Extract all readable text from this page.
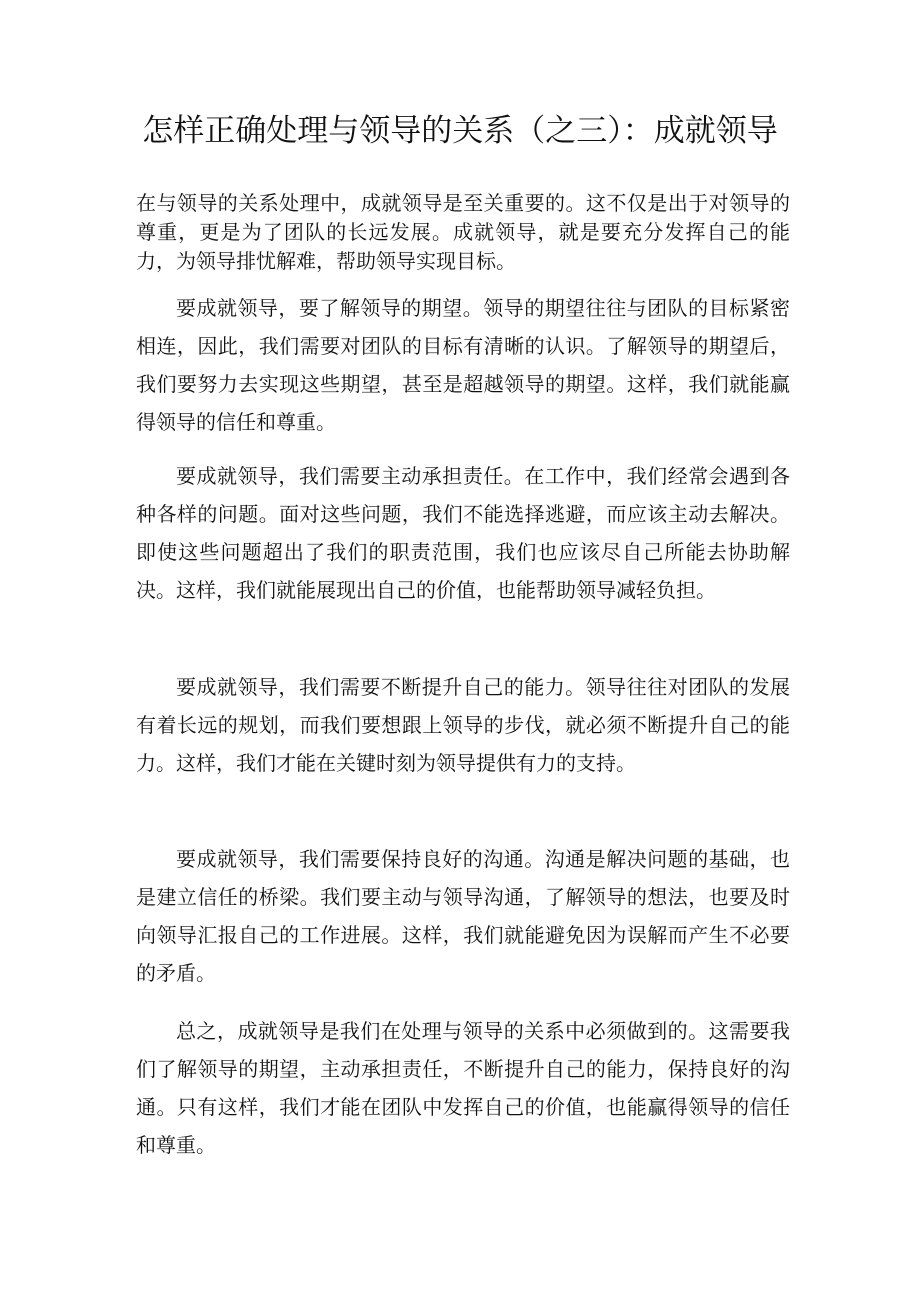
怎样正确处理与领导的关系（之三）：成就领导

在与领导的关系处理中，成就领导是至关重要的。这不仅是出于对领导的尊重，更是为了团队的长远发展。成就领导，就是要充分发挥自己的能力，为领导排忧解难，帮助领导实现目标。

要成就领导，要了解领导的期望。领导的期望往往与团队的目标紧密相连，因此，我们需要对团队的目标有清晰的认识。了解领导的期望后，我们要努力去实现这些期望，甚至是超越领导的期望。这样，我们就能赢得领导的信任和尊重。

要成就领导，我们需要主动承担责任。在工作中，我们经常会遇到各种各样的问题。面对这些问题，我们不能选择逃避，而应该主动去解决。即使这些问题超出了我们的职责范围，我们也应该尽自己所能去协助解决。这样，我们就能展现出自己的价值，也能帮助领导减轻负担。

要成就领导，我们需要不断提升自己的能力。领导往往对团队的发展有着长远的规划，而我们要想跟上领导的步伐，就必须不断提升自己的能力。这样，我们才能在关键时刻为领导提供有力的支持。

要成就领导，我们需要保持良好的沟通。沟通是解决问题的基础，也是建立信任的桥梁。我们要主动与领导沟通，了解领导的想法，也要及时向领导汇报自己的工作进展。这样，我们就能避免因为误解而产生不必要的矛盾。

总之，成就领导是我们在处理与领导的关系中必须做到的。这需要我们了解领导的期望，主动承担责任，不断提升自己的能力，保持良好的沟通。只有这样，我们才能在团队中发挥自己的价值，也能赢得领导的信任和尊重。
